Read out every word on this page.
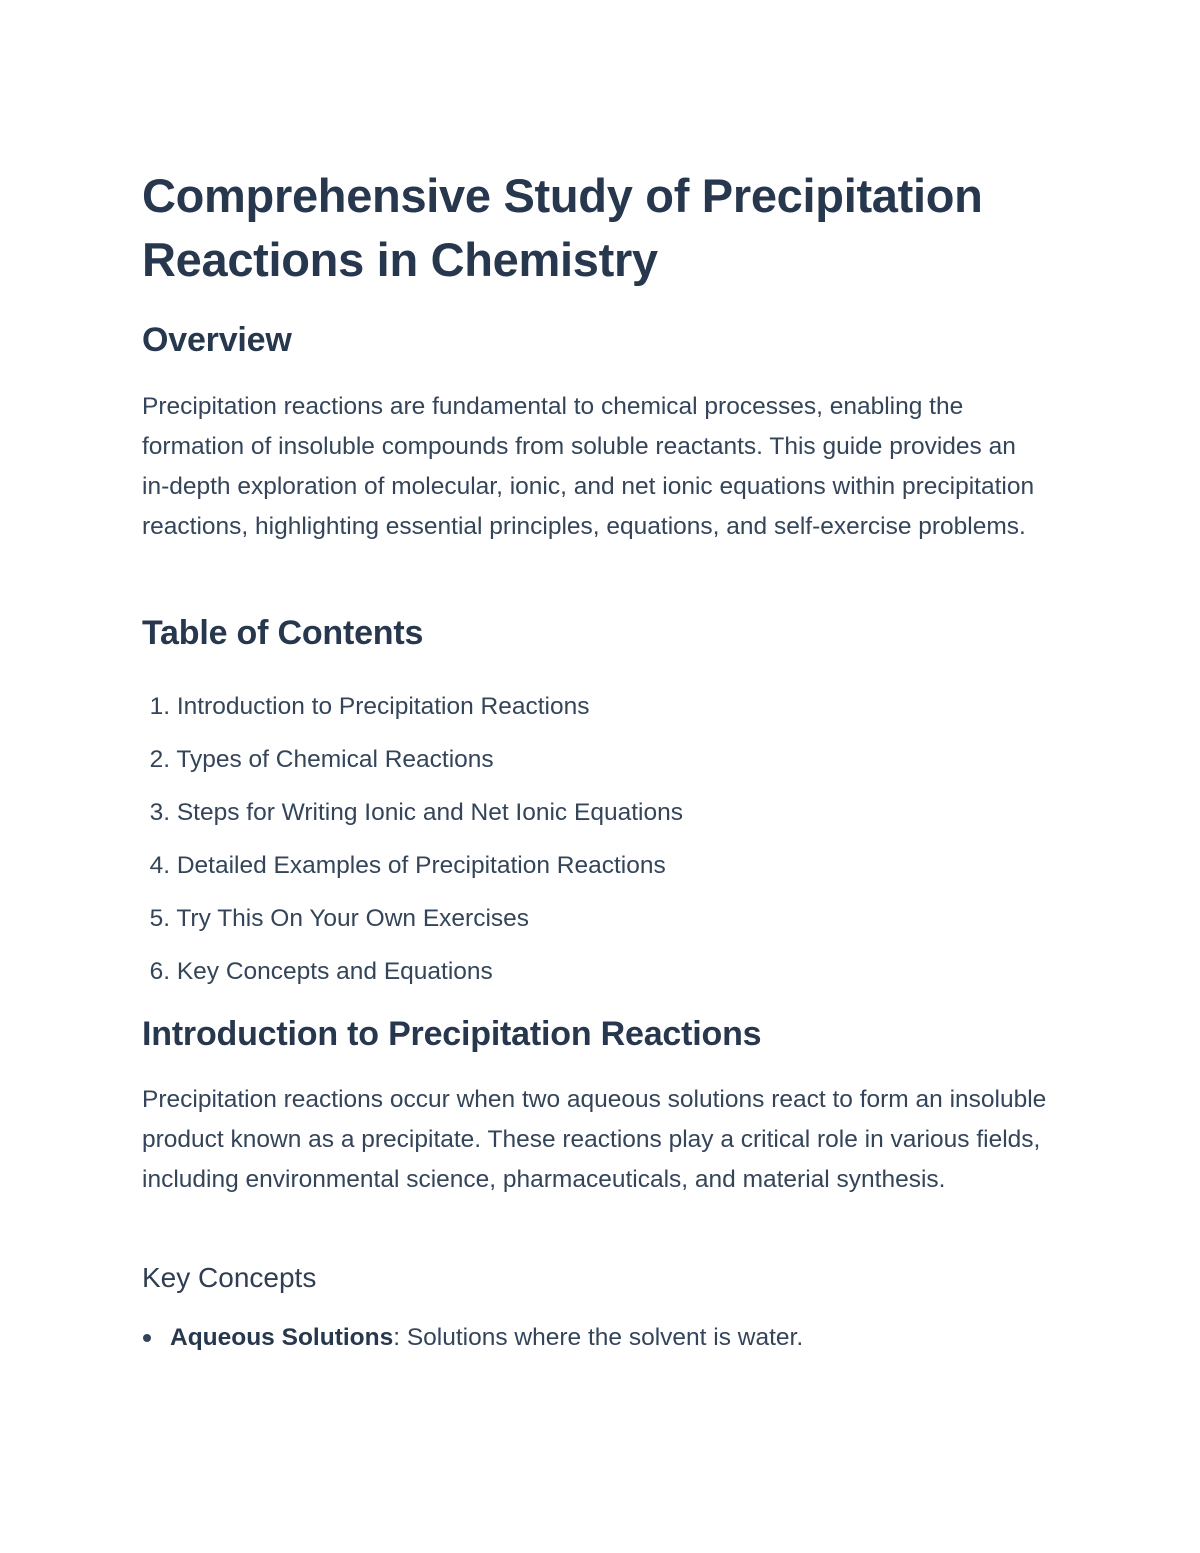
Comprehensive Study of Precipitation Reactions in Chemistry
Overview

Precipitation reactions are fundamental to chemical processes, enabling the formation of insoluble compounds from soluble reactants. This guide provides an in-depth exploration of molecular, ionic, and net ionic equations within precipitation reactions, highlighting essential principles, equations, and self-exercise problems.

Table of Contents
1. Introduction to Precipitation Reactions
2. Types of Chemical Reactions
3. Steps for Writing Ionic and Net Ionic Equations
4. Detailed Examples of Precipitation Reactions
5. Try This On Your Own Exercises
6. Key Concepts and Equations
Introduction to Precipitation Reactions

Precipitation reactions occur when two aqueous solutions react to form an insoluble product known as a precipitate. These reactions play a critical role in various fields, including environmental science, pharmaceuticals, and material synthesis.

Key Concepts
Aqueous Solutions: Solutions where the solvent is water.
